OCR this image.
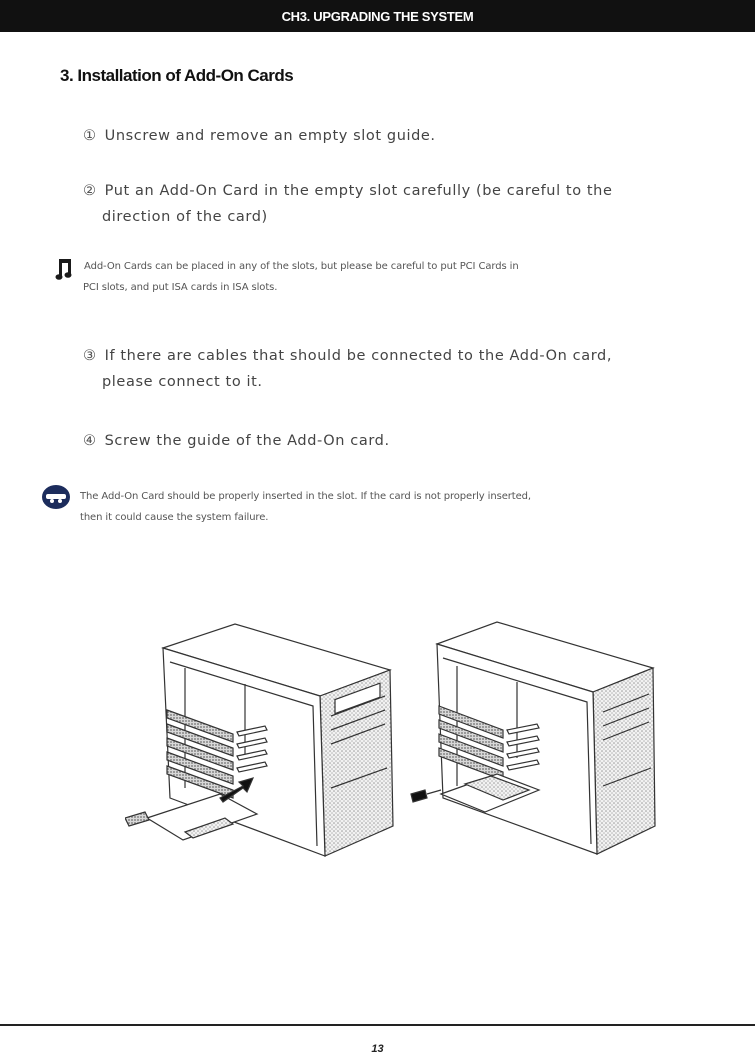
CH3. UPGRADING THE SYSTEM
3. Installation of Add-On Cards
① Unscrew and remove an empty slot guide.
② Put an Add-On Card in the empty slot carefully (be careful to the
direction of the card)
Add-On Cards can be placed in any of the slots, but please be careful to put PCI Cards in
PCI slots, and put ISA cards in ISA slots.
③ If there are cables that should be connected to the Add-On card,
please connect to it.
④ Screw the guide of the Add-On card.
The Add-On Card should be properly inserted in the slot. If the card is not properly inserted,
then it could cause the system failure.
13
